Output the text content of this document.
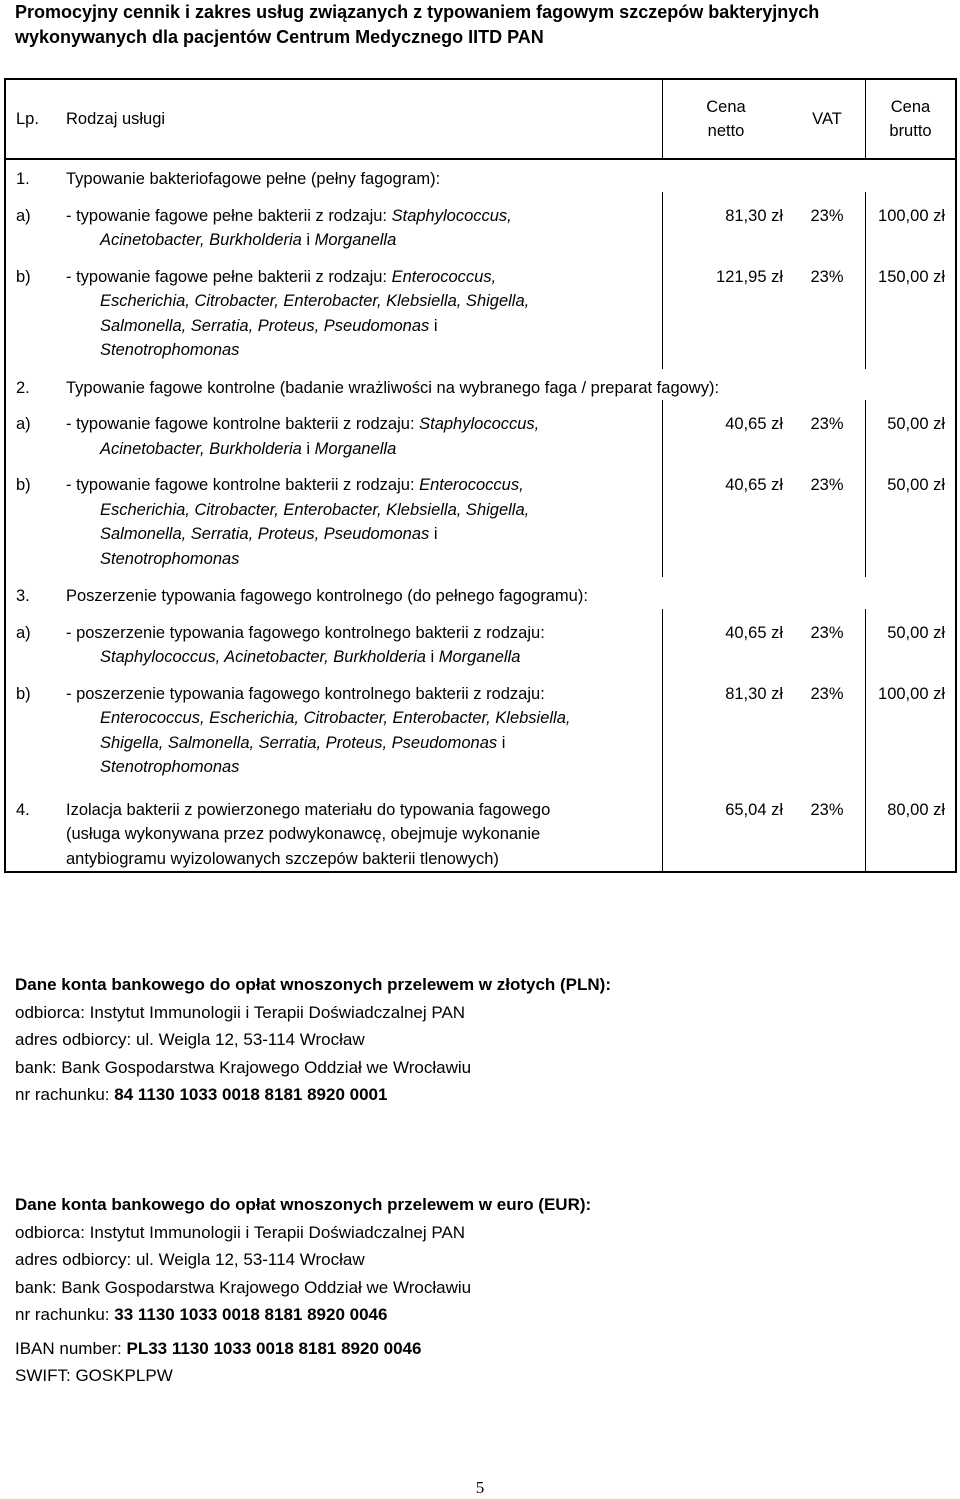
Promocyjny cennik i zakres usług związanych z typowaniem fagowym szczepów bakteryjnych wykonywanych dla pacjentów Centrum Medycznego IITD PAN
Lp.	Rodzaj usługi	Cena netto	VAT	Cena brutto

1.	Typowanie bakteriofagowe pełne (pełny fagogram):			
a)	- typowanie fagowe pełne bakterii z rodzaju: Staphylococcus,
Acinetobacter, Burkholderia i Morganella	81,30 zł	23%	100,00 zł
b)	- typowanie fagowe pełne bakterii z rodzaju: Enterococcus,
Escherichia, Citrobacter, Enterobacter, Klebsiella, Shigella,
Salmonella, Serratia, Proteus, Pseudomonas i
Stenotrophomonas	121,95 zł	23%	150,00 zł
2.	Typowanie fagowe kontrolne (badanie wrażliwości na wybranego faga / preparat fagowy):			
a)	- typowanie fagowe kontrolne bakterii z rodzaju: Staphylococcus,
Acinetobacter, Burkholderia i Morganella	40,65 zł	23%	50,00 zł
b)	- typowanie fagowe kontrolne bakterii z rodzaju: Enterococcus,
Escherichia, Citrobacter, Enterobacter, Klebsiella, Shigella,
Salmonella, Serratia, Proteus, Pseudomonas i
Stenotrophomonas	40,65 zł	23%	50,00 zł
3.	Poszerzenie typowania fagowego kontrolnego (do pełnego fagogramu):			
a)	- poszerzenie typowania fagowego kontrolnego bakterii z rodzaju:
Staphylococcus, Acinetobacter, Burkholderia i Morganella	40,65 zł	23%	50,00 zł
b)	- poszerzenie typowania fagowego kontrolnego bakterii z rodzaju:
Enterococcus, Escherichia, Citrobacter, Enterobacter, Klebsiella,
Shigella, Salmonella, Serratia, Proteus, Pseudomonas i
Stenotrophomonas	81,30 zł	23%	100,00 zł
4.	Izolacja bakterii z powierzonego materiału do typowania fagowego
(usługa wykonywana przez podwykonawcę, obejmuje wykonanie
antybiogramu wyizolowanych szczepów bakterii tlenowych)	65,04 zł	23%	80,00 zł
Dane konta bankowego do opłat wnoszonych przelewem w złotych (PLN):
odbiorca: Instytut Immunologii i Terapii Doświadczalnej PAN
adres odbiorcy: ul. Weigla 12, 53-114 Wrocław
bank: Bank Gospodarstwa Krajowego Oddział we Wrocławiu
nr rachunku: 84 1130 1033 0018 8181 8920 0001
Dane konta bankowego do opłat wnoszonych przelewem w euro (EUR):
odbiorca: Instytut Immunologii i Terapii Doświadczalnej PAN
adres odbiorcy: ul. Weigla 12, 53-114 Wrocław
bank: Bank Gospodarstwa Krajowego Oddział we Wrocławiu
nr rachunku: 33 1130 1033 0018 8181 8920 0046
IBAN number: PL33 1130 1033 0018 8181 8920 0046
SWIFT: GOSKPLPW
5
